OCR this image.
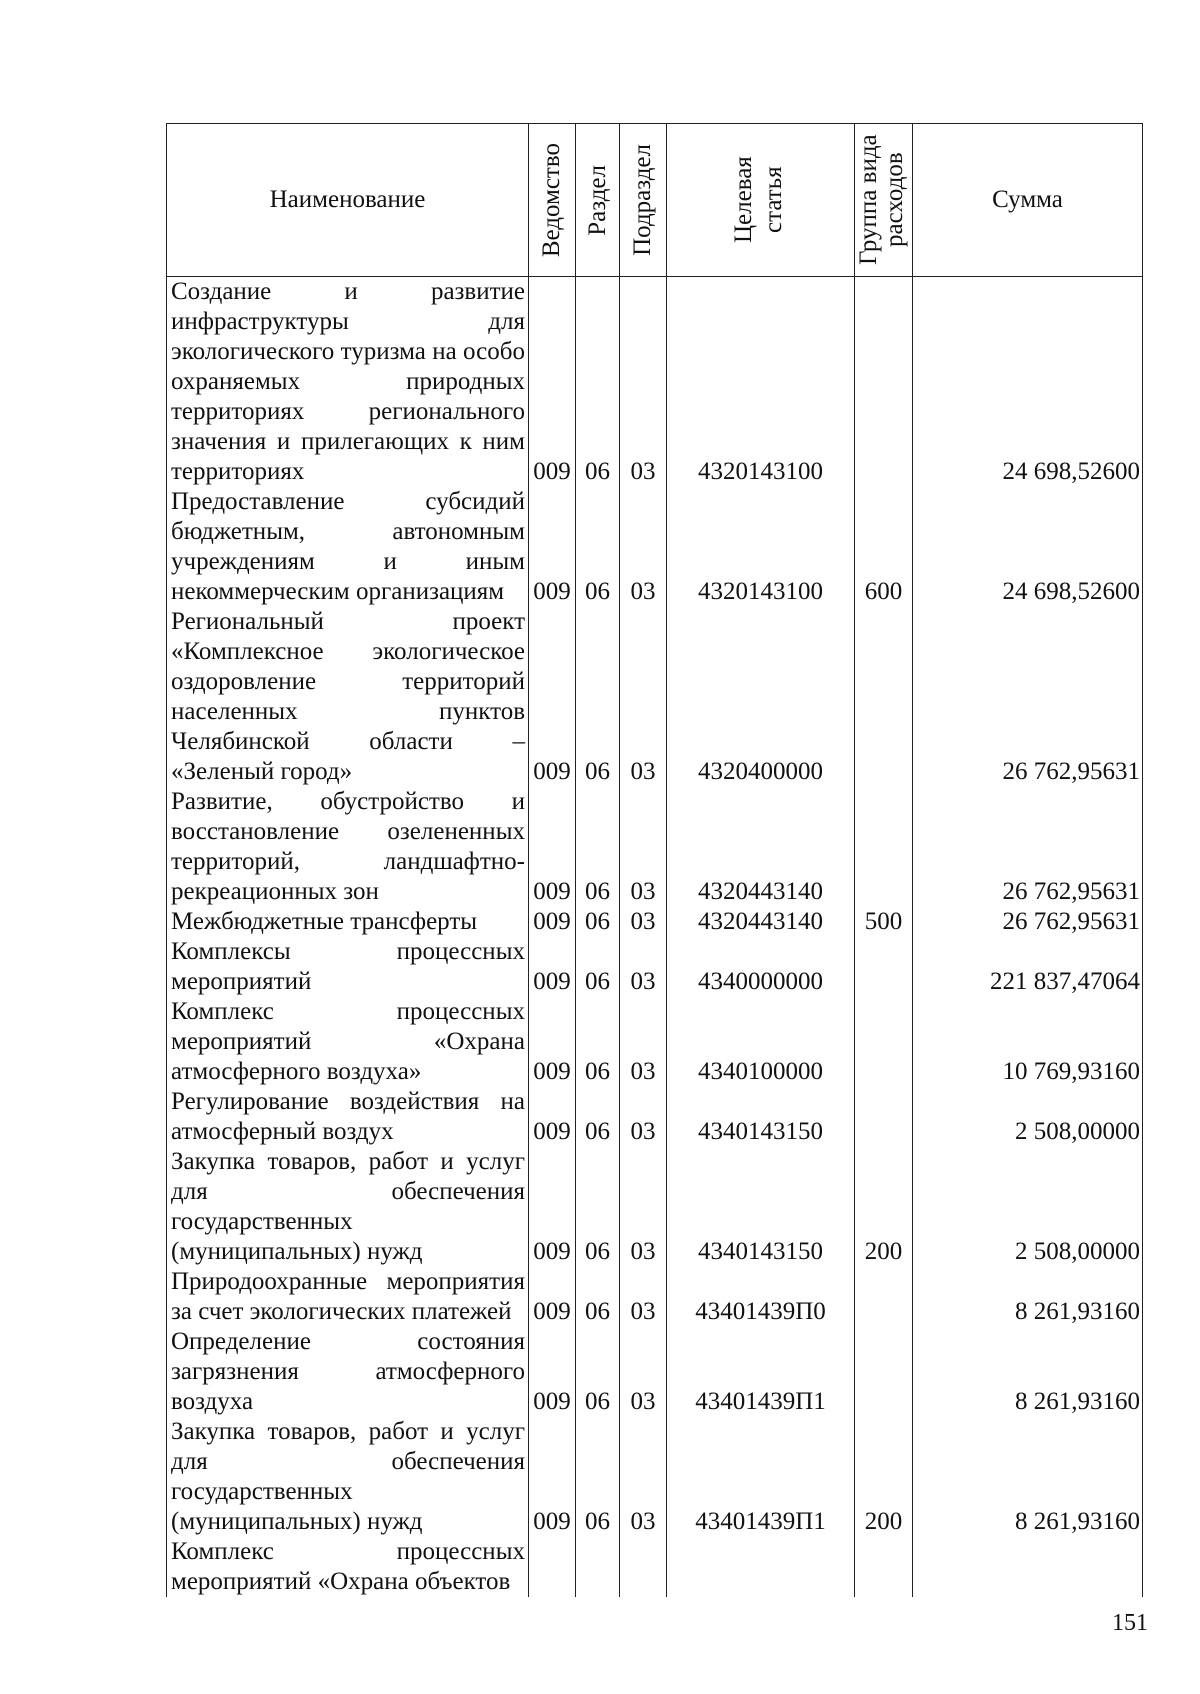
Наименование	Ведомство	Раздел	Подраздел	Целевая статья	Группа вида расходов	Сумма
Создание и развитие инфраструктуры для экологического туризма на особо охраняемых природных территориях регионального значения и прилегающих к ним территориях	009	06	03	4320143100		24 698,52600
Предоставление субсидий бюджетным, автономным учреждениям и иным некоммерческим организациям	009	06	03	4320143100	600	24 698,52600
Региональный проект «Комплексное экологическое оздоровление территорий населенных пунктов Челябинской области – «Зеленый город»	009	06	03	4320400000		26 762,95631
Развитие, обустройство и восстановление озелененных территорий, ландшафтно-рекреационных зон	009	06	03	4320443140		26 762,95631
Межбюджетные трансферты	009	06	03	4320443140	500	26 762,95631
Комплексы процессных мероприятий	009	06	03	4340000000		221 837,47064
Комплекс процессных мероприятий «Охрана атмосферного воздуха»	009	06	03	4340100000		10 769,93160
Регулирование воздействия на атмосферный воздух	009	06	03	4340143150		2 508,00000
Закупка товаров, работ и услуг для обеспечения государственных (муниципальных) нужд	009	06	03	4340143150	200	2 508,00000
Природоохранные мероприятия за счет экологических платежей	009	06	03	43401439П0		8 261,93160
Определение состояния загрязнения атмосферного воздуха	009	06	03	43401439П1		8 261,93160
Закупка товаров, работ и услуг для обеспечения государственных (муниципальных) нужд	009	06	03	43401439П1	200	8 261,93160
Комплекс процессных мероприятий «Охрана объектов						
151
